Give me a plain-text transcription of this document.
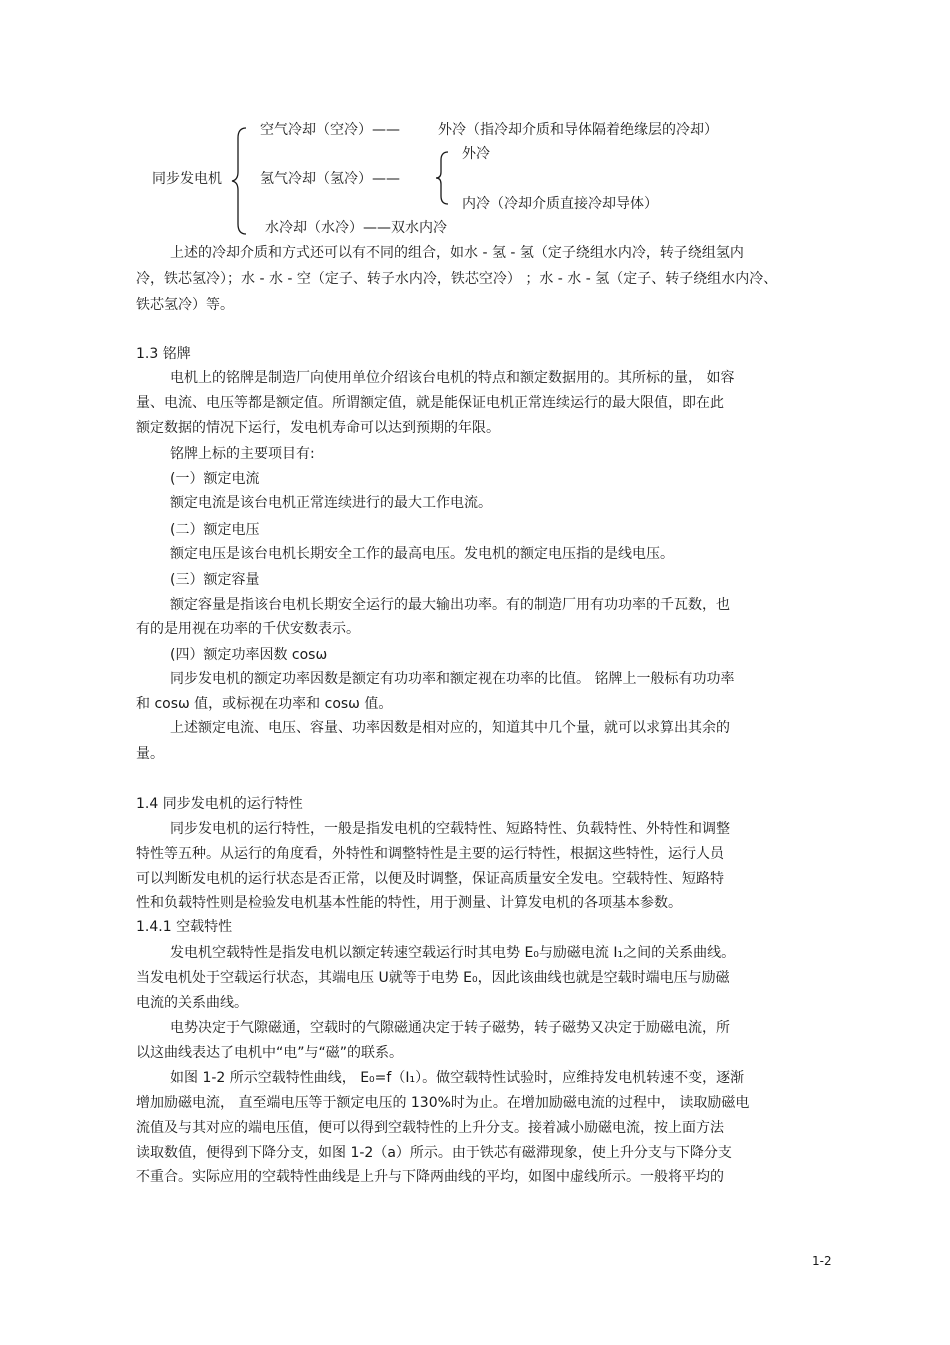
同步发电机
空气冷却（空冷）——	外冷（指冷却介质和导体隔着绝缘层的冷却）
氢气冷却（氢冷）——
外冷
内冷（冷却介质直接冷却导体）
水冷却（水冷）——双水内冷
上述的冷却介质和方式还可以有不同的组合，如水 - 氢 - 氢（定子绕组水内冷，转子绕组氢内
冷，铁芯氢冷）；水 - 水 - 空（定子、转子水内冷，铁芯空冷） ；水 - 水 - 氢（定子、转子绕组水内冷、
铁芯氢冷）等。
1.3 铭牌
电机上的铭牌是制造厂向使用单位介绍该台电机的特点和额定数据用的。其所标的量， 如容
量、电流、电压等都是额定值。所谓额定值，就是能保证电机正常连续运行的最大限值，即在此
额定数据的情况下运行，发电机寿命可以达到预期的年限。
铭牌上标的主要项目有:
(一）额定电流
额定电流是该台电机正常连续进行的最大工作电流。
(二）额定电压
额定电压是该台电机长期安全工作的最高电压。发电机的额定电压指的是线电压。
(三）额定容量
额定容量是指该台电机长期安全运行的最大输出功率。有的制造厂用有功功率的千瓦数，也
有的是用视在功率的千伏安数表示。
(四）额定功率因数 cosω
同步发电机的额定功率因数是额定有功功率和额定视在功率的比值。 铭牌上一般标有功功率
和 cosω 值，或标视在功率和 cosω 值。
上述额定电流、电压、容量、功率因数是相对应的，知道其中几个量，就可以求算出其余的
量。
1.4 同步发电机的运行特性
同步发电机的运行特性，一般是指发电机的空载特性、短路特性、负载特性、外特性和调整
特性等五种。从运行的角度看，外特性和调整特性是主要的运行特性，根据这些特性，运行人员
可以判断发电机的运行状态是否正常，以便及时调整，保证高质量安全发电。空载特性、短路特
性和负载特性则是检验发电机基本性能的特性，用于测量、计算发电机的各项基本参数。
1.4.1 空载特性
发电机空载特性是指发电机以额定转速空载运行时其电势 E₀与励磁电流 I₁之间的关系曲线。
当发电机处于空载运行状态，其端电压 U就等于电势 E₀，因此该曲线也就是空载时端电压与励磁
电流的关系曲线。
电势决定于气隙磁通，空载时的气隙磁通决定于转子磁势，转子磁势又决定于励磁电流，所
以这曲线表达了电机中“电”与“磁”的联系。
如图 1-2 所示空载特性曲线， E₀=f（I₁）。做空载特性试验时，应维持发电机转速不变，逐渐
增加励磁电流， 直至端电压等于额定电压的 130%时为止。在增加励磁电流的过程中， 读取励磁电
流值及与其对应的端电压值，便可以得到空载特性的上升分支。接着减小励磁电流，按上面方法
读取数值，便得到下降分支，如图 1-2（a）所示。由于铁芯有磁滞现象，使上升分支与下降分支
不重合。实际应用的空载特性曲线是上升与下降两曲线的平均，如图中虚线所示。一般将平均的
1-2
